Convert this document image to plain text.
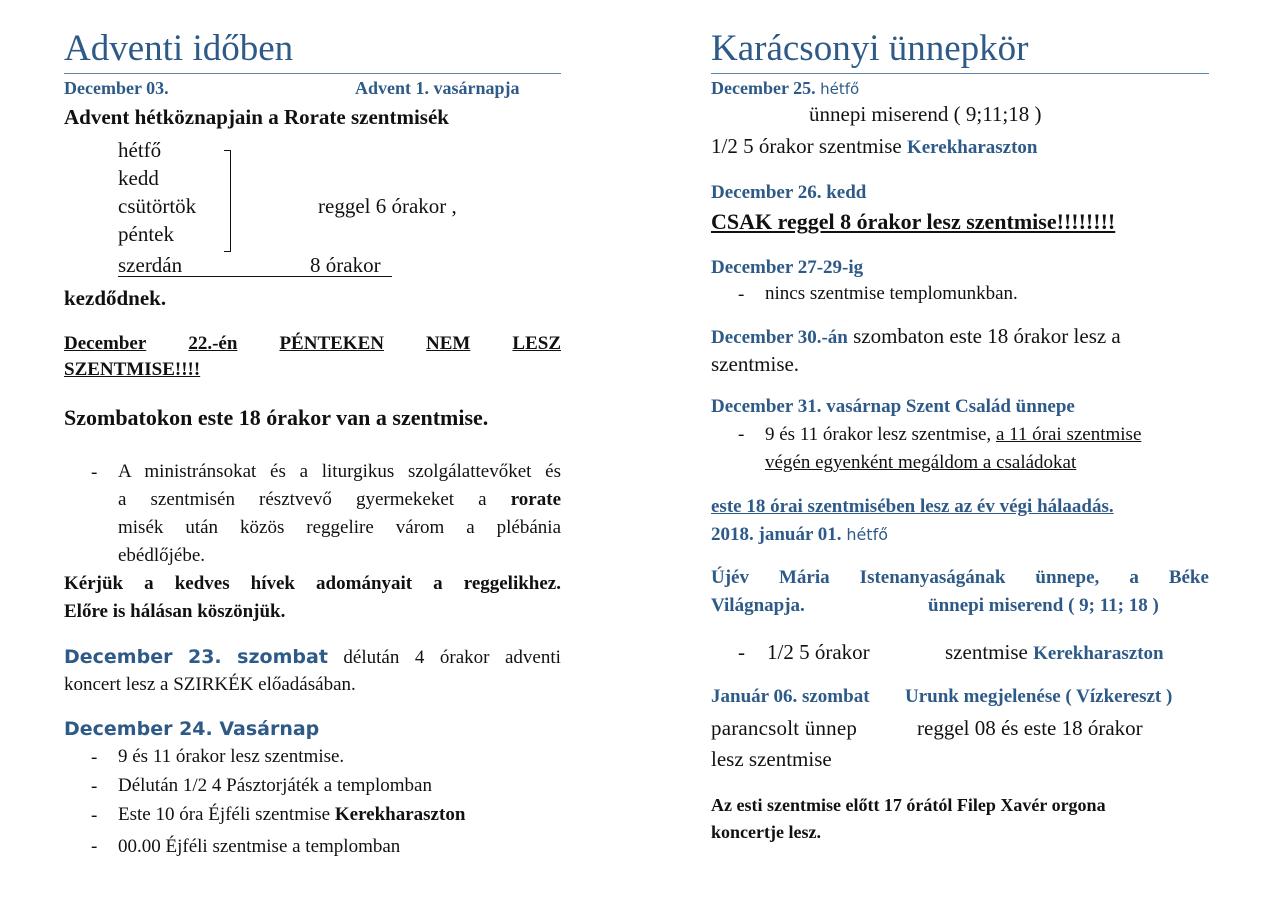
Adventi időben
December 03.	Advent 1. vasárnapja
Advent hétköznapjain a Rorate szentmisék
hétfő
kedd
csütörtök
péntek
reggel 6 órakor ,
szerdán	8 órakor
kezdődnek.
December 22.-én PÉNTEKEN NEM LESZ
SZENTMISE!!!!
Szombatokon este 18 órakor van a szentmise.
- A ministránsokat és a liturgikus szolgálattevőket és
a szentmisén résztvevő gyermekeket a rorate
misék után közös reggelire várom a plébánia
ebédlőjébe.
Kérjük a kedves hívek adományait a reggelikhez.
Előre is hálásan köszönjük.
December 23. szombat délután 4 órakor adventi
koncert lesz a SZIRKÉK előadásában.
December 24. Vasárnap
- 9 és 11 órakor lesz szentmise.
- Délután 1/2 4 Pásztorjáték a templomban
- Este 10 óra Éjféli szentmise Kerekharaszton
- 00.00 Éjféli szentmise a templomban
Karácsonyi ünnepkör
December 25. hétfő
ünnepi miserend ( 9;11;18 )
1/2 5 órakor szentmise Kerekharaszton
December 26. kedd
CSAK reggel 8 órakor lesz szentmise!!!!!!!!
December 27-29-ig
- nincs szentmise templomunkban.
December 30.-án szombaton este 18 órakor lesz a
szentmise.
December 31. vasárnap Szent Család ünnepe
- 9 és 11 órakor lesz szentmise, a 11 órai szentmise
végén egyenként megáldom a családokat
este 18 órai szentmisében lesz az év végi hálaadás.
2018. január 01. hétfő
Újév Mária Istenanyaságának ünnepe, a Béke
Világnapja.	ünnepi miserend ( 9; 11; 18 )
- 1/2 5 órakor	szentmise Kerekharaszton
Január 06. szombat Urunk megjelenése ( Vízkereszt )
parancsolt ünnep	reggel 08 és este 18 órakor
lesz szentmise
Az esti szentmise előtt 17 órától Filep Xavér orgona
koncertje lesz.
